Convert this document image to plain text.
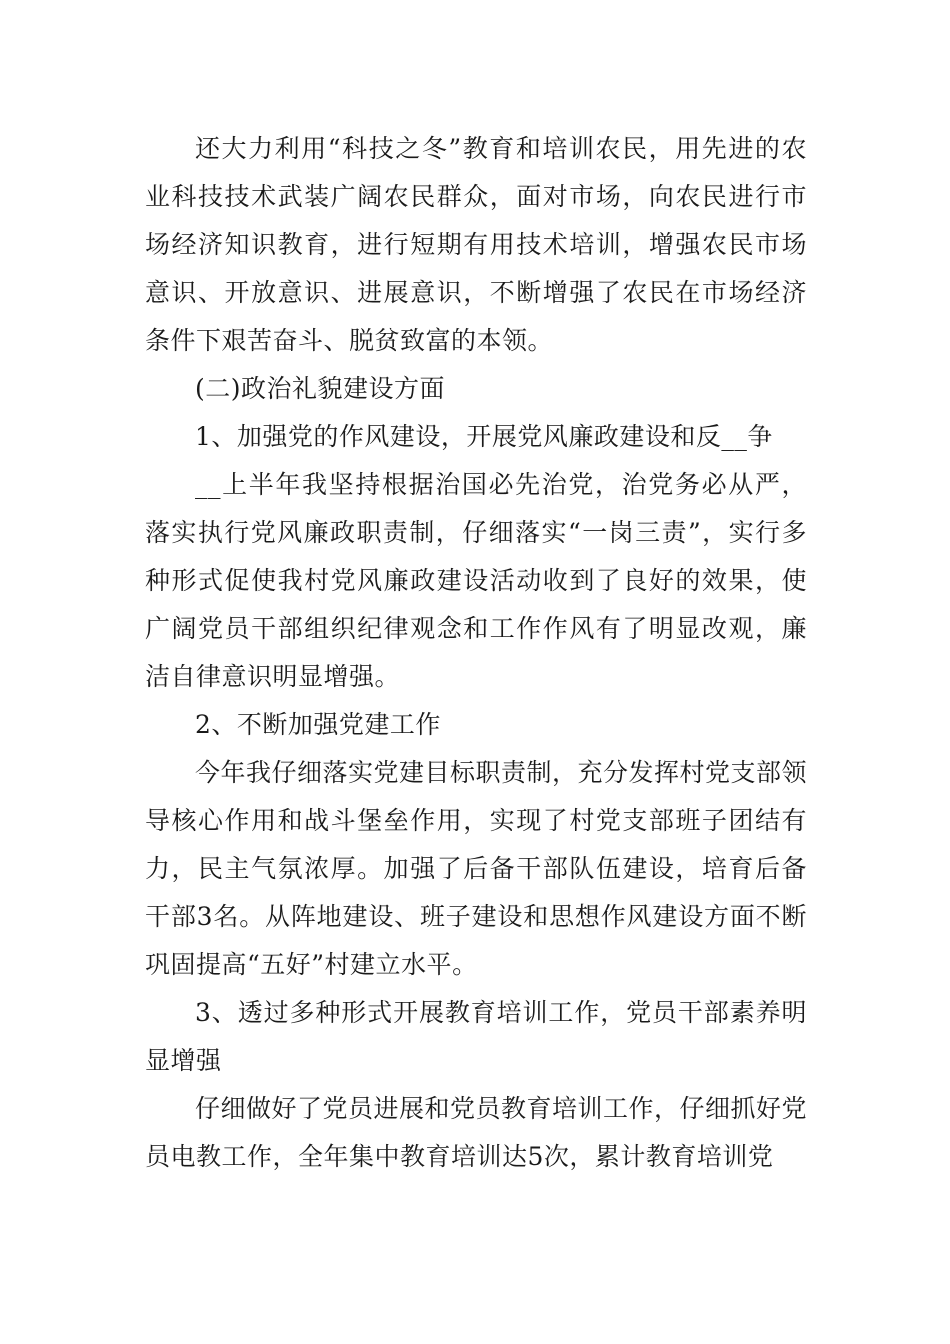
还大力利用“科技之冬”教育和培训农民，用先进的农业科技技术武装广阔农民群众，面对市场，向农民进行市场经济知识教育，进行短期有用技术培训，增强农民市场意识、开放意识、进展意识，不断增强了农民在市场经济条件下艰苦奋斗、脱贫致富的本领。

(二)政治礼貌建设方面

1、加强党的作风建设，开展党风廉政建设和反__争

__上半年我坚持根据治国必先治党，治党务必从严，落实执行党风廉政职责制，仔细落实“一岗三责”，实行多种形式促使我村党风廉政建设活动收到了良好的效果，使广阔党员干部组织纪律观念和工作作风有了明显改观，廉洁自律意识明显增强。

2、不断加强党建工作

今年我仔细落实党建目标职责制，充分发挥村党支部领导核心作用和战斗堡垒作用，实现了村党支部班子团结有力，民主气氛浓厚。加强了后备干部队伍建设，培育后备干部3名。从阵地建设、班子建设和思想作风建设方面不断巩固提高“五好”村建立水平。

3、透过多种形式开展教育培训工作，党员干部素养明显增强

仔细做好了党员进展和党员教育培训工作，仔细抓好党员电教工作，全年集中教育培训达5次，累计教育培训党
